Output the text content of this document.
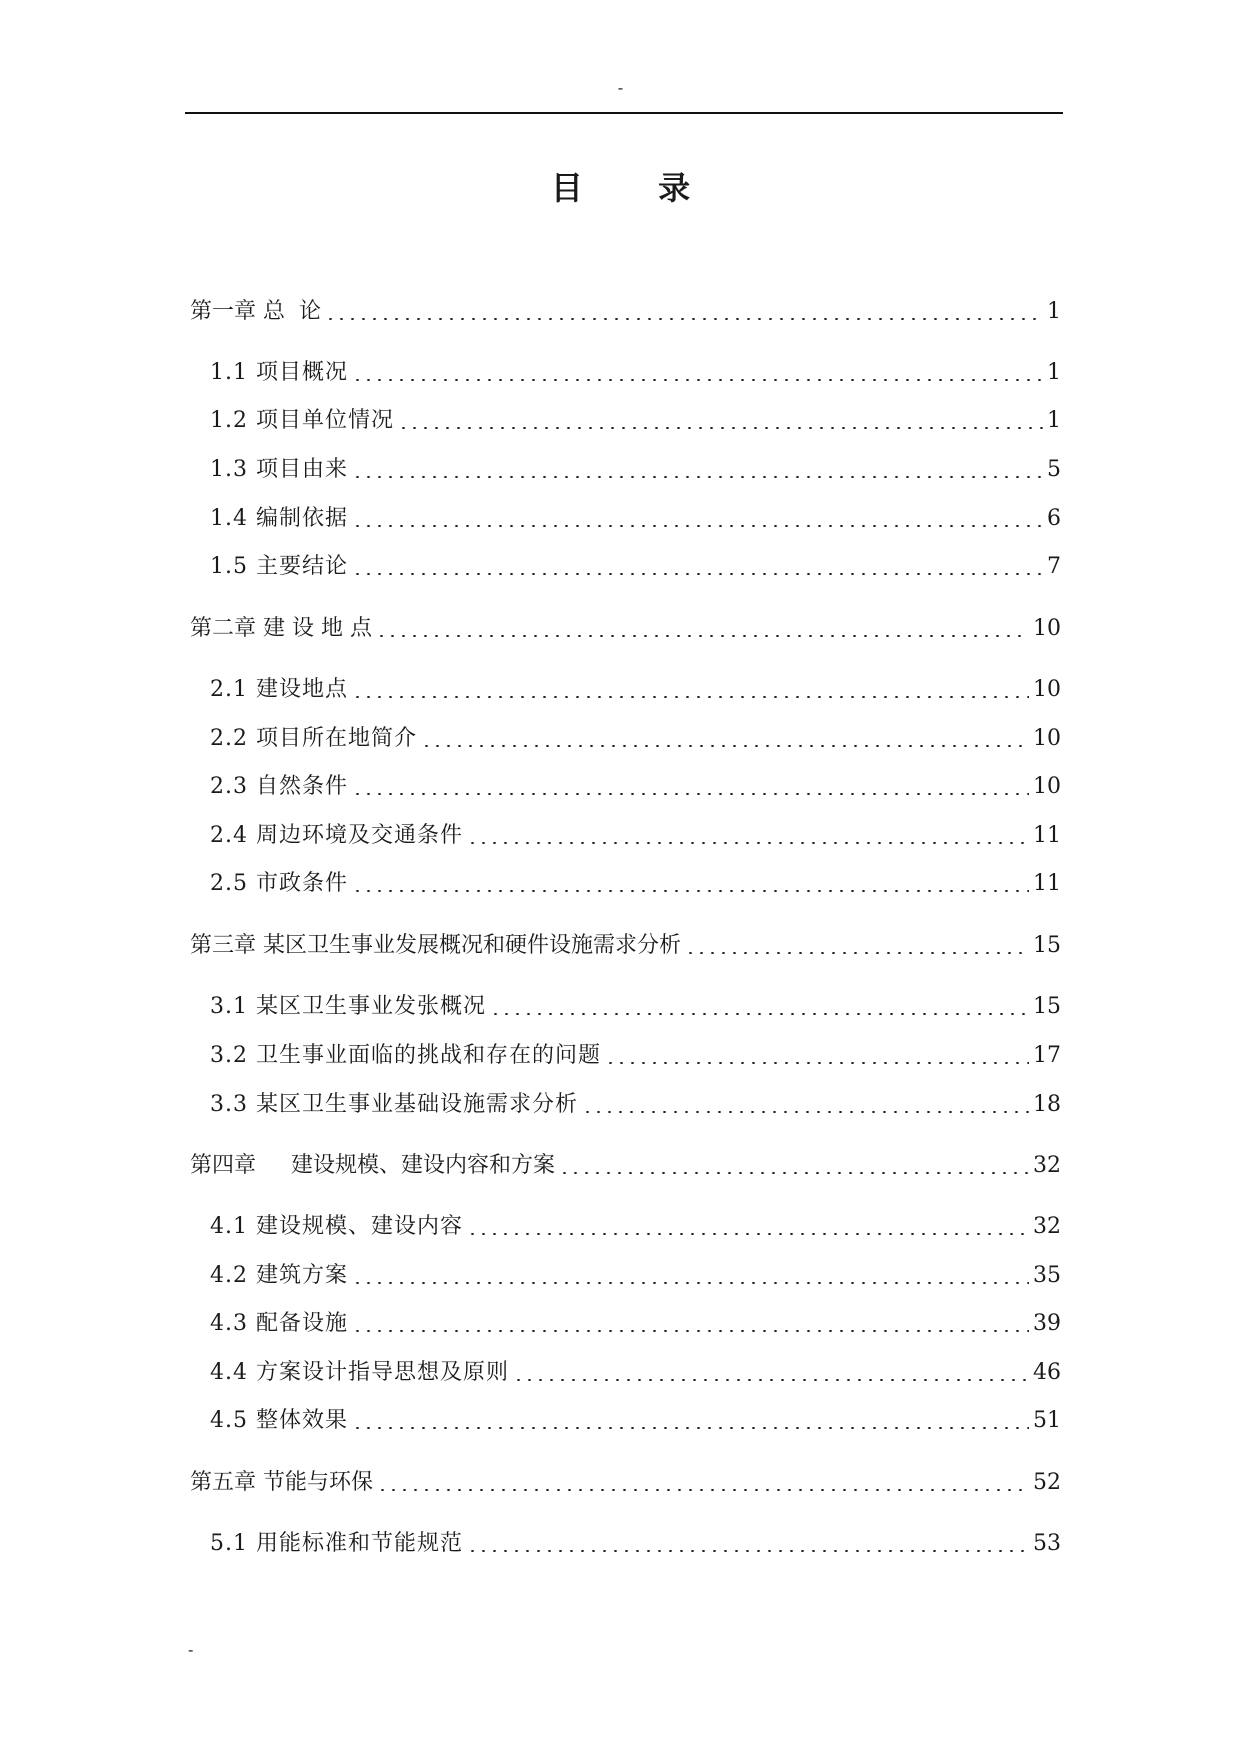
-
目 录
第一章 总  论	1
1.1 项目概况	1
1.2 项目单位情况	1
1.3 项目由来	5
1.4 编制依据	6
1.5 主要结论	7
第二章 建 设 地 点	10
2.1 建设地点	10
2.2 项目所在地简介	10
2.3 自然条件	10
2.4 周边环境及交通条件	11
2.5 市政条件	11
第三章 某区卫生事业发展概况和硬件设施需求分析	15
3.1 某区卫生事业发张概况	15
3.2 卫生事业面临的挑战和存在的问题	17
3.3 某区卫生事业基础设施需求分析	18
第四章     建设规模、建设内容和方案	32
4.1 建设规模、建设内容	32
4.2 建筑方案	35
4.3 配备设施	39
4.4 方案设计指导思想及原则	46
4.5 整体效果	51
第五章 节能与环保	52
5.1 用能标准和节能规范	53
-
